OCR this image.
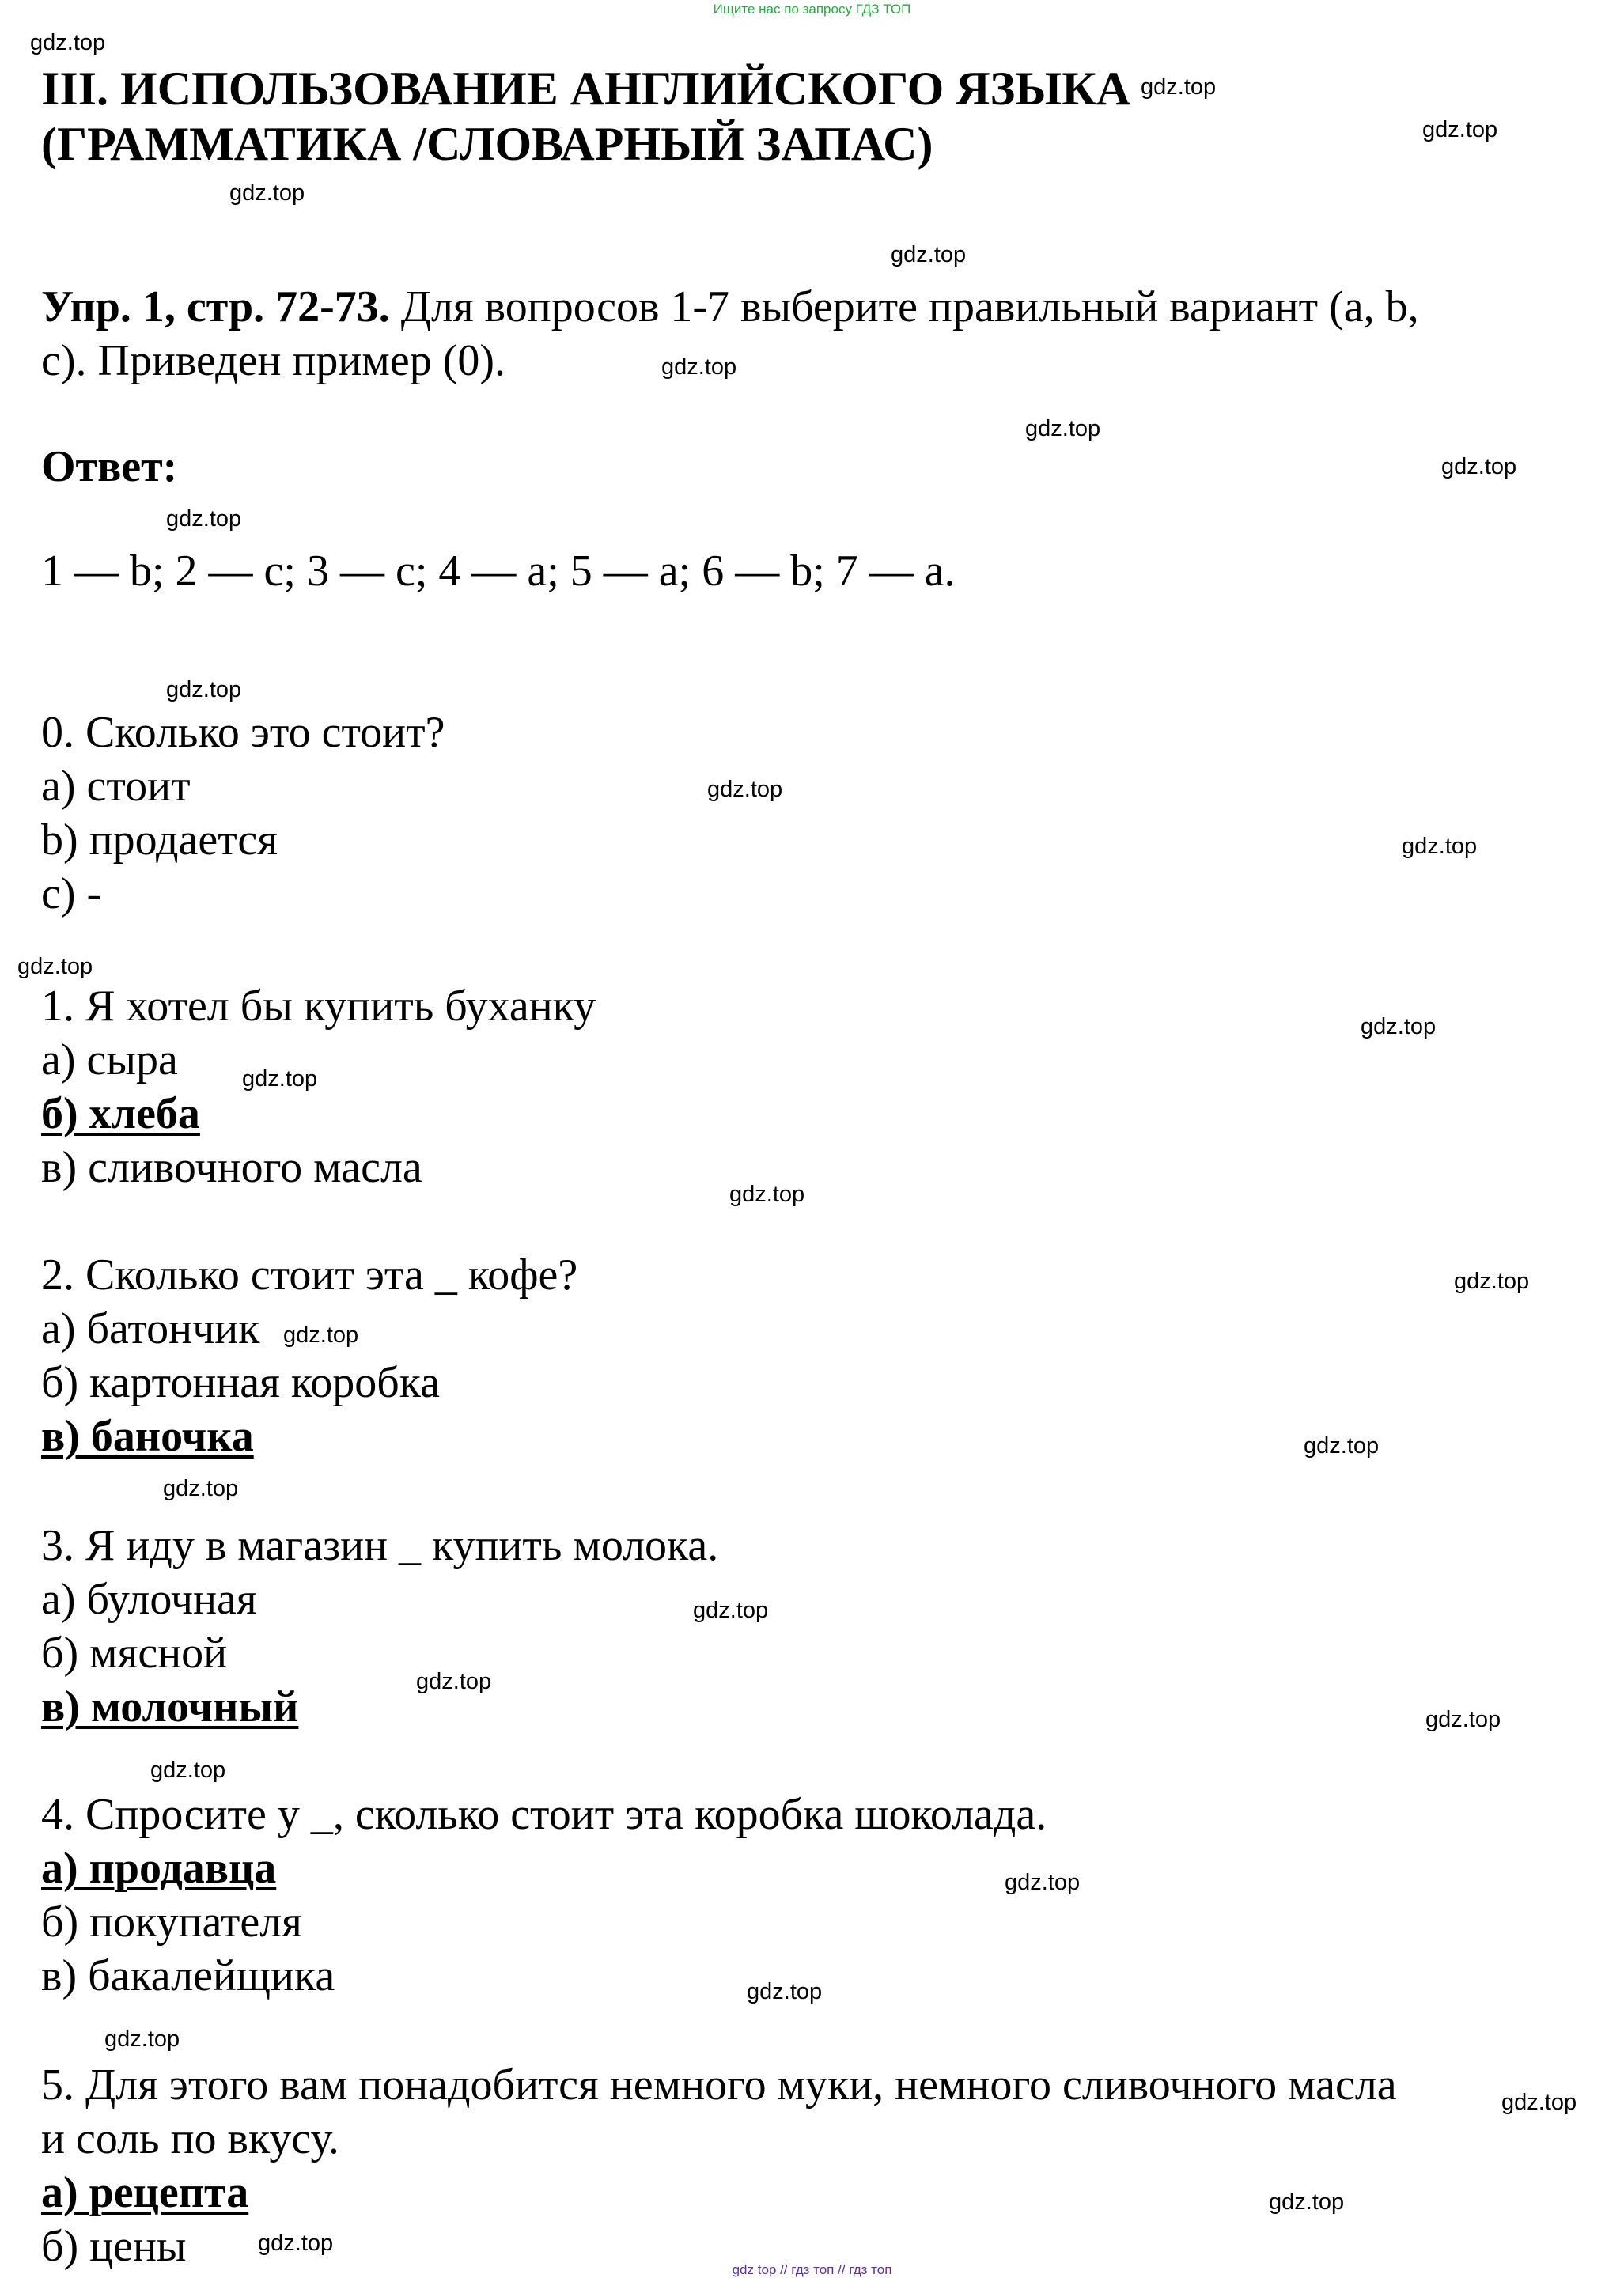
Ищите нас по запросу ГДЗ ТОП
III. ИСПОЛЬЗОВАНИЕ АНГЛИЙСКОГО ЯЗЫКА
(ГРАММАТИКА /СЛОВАРНЫЙ ЗАПАС)
Упр. 1, стр. 72-73. Для вопросов 1-7 выберите правильный вариант (a, b,
c). Приведен пример (0).
Ответ:
1 — b; 2 — c; 3 — c; 4 — a; 5 — a; 6 — b; 7 — a.
0. Сколько это стоит?
а) стоит
b) продается
c) -
1. Я хотел бы купить буханку
а) сыра
б) хлеба
в) сливочного масла
2. Сколько стоит эта _ кофе?
а) батончик
б) картонная коробка
в) баночка
3. Я иду в магазин _ купить молока.
а) булочная
б) мясной
в) молочный
4. Спросите у _, сколько стоит эта коробка шоколада.
а) продавца
б) покупателя
в) бакалейщика
5. Для этого вам понадобится немного муки, немного сливочного масла
и соль по вкусу.
а) рецепта
б) цены
gdz.top
gdz.top
gdz.top
gdz.top
gdz.top
gdz.top
gdz.top
gdz.top
gdz.top
gdz.top
gdz.top
gdz.top
gdz.top
gdz.top
gdz.top
gdz.top
gdz.top
gdz.top
gdz.top
gdz.top
gdz.top
gdz.top
gdz.top
gdz.top
gdz.top
gdz.top
gdz.top
gdz.top
gdz.top
gdz.top
gdz top // гдз топ // гдз топ
